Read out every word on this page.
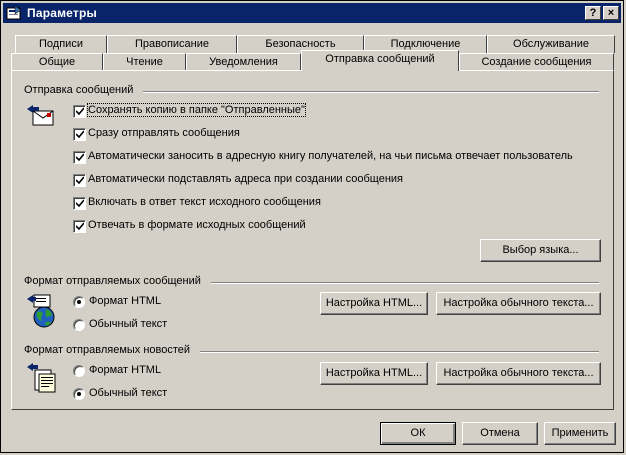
Параметры	?	×
Подписи	Правописание	Безопасность	Подключение	Обслуживание
Общие	Чтение	Уведомления	Отправка сообщений	Создание сообщения
Отправка сообщений
Сохранять копию в папке "Отправленные"
Сразу отправлять сообщения
Автоматически заносить в адресную книгу получателей, на чьи письма отвечает пользователь
Автоматически подставлять адреса при создании сообщения
Включать в ответ текст исходного сообщения
Отвечать в формате исходных сообщений
Выбор языка...
Формат отправляемых сообщений
Формат HTML
Обычный текст
Настройка HTML...	Настройка обычного текста...
Формат отправляемых новостей
Формат HTML
Обычный текст
Настройка HTML...	Настройка обычного текста...
ОК	Отмена	Применить
